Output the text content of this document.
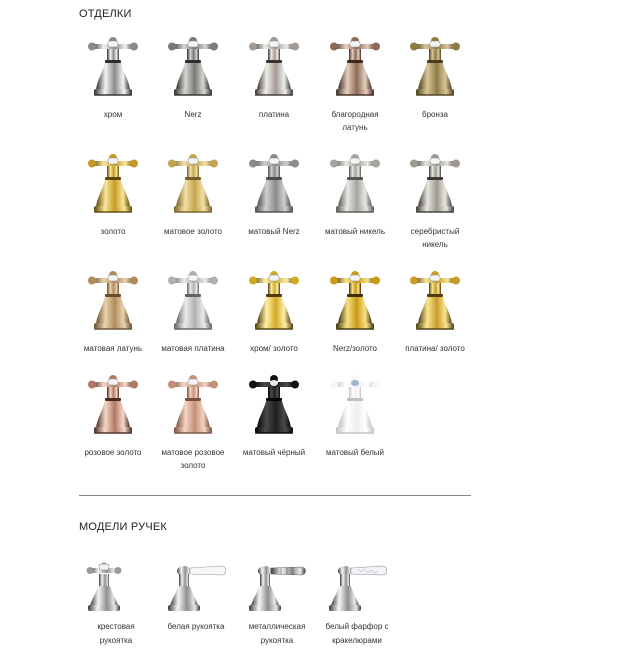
ОТДЕЛКИ
хром	Nerz	платина	благородная латунь
бронза
золото	матовое золото	матовый Nerz	матовый никель	серебристый никель
матовая латунь	матовая платина	хром/ золото	Nerz/золото	платина/ золото
розовое золото	матовое розовое золото
матовый чёрный	матовый белый
МОДЕЛИ РУЧЕК
крестовая рукоятка
белая рукоятка	металлическая рукоятка
белый фарфор с кракелюрами
